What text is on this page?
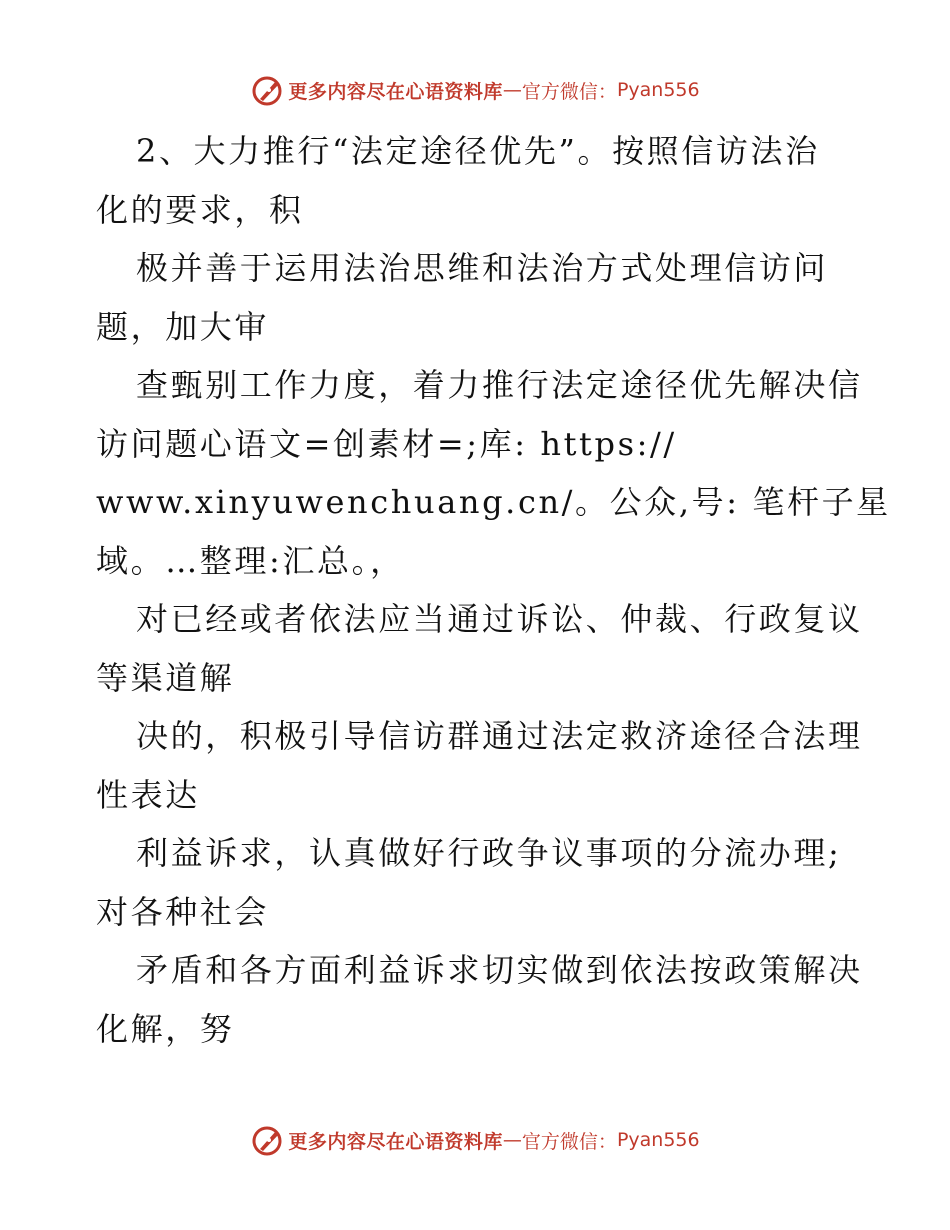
更多内容尽在心语资料库 — 官方微信： Pyan556
2、大力推行“法定途径优先”。按照信访法治
化的要求，积
极并善于运用法治思维和法治方式处理信访问
题，加大审
查甄别工作力度，着力推行法定途径优先解决信
访问题心语文=创素材=;库: https://
www.xinyuwenchuang.cn/。公众,号: 笔杆子星
域。…整理:汇总。，
对已经或者依法应当通过诉讼、仲裁、行政复议
等渠道解
决的，积极引导信访群通过法定救济途径合法理
性表达
利益诉求，认真做好行政争议事项的分流办理;
对各种社会
矛盾和各方面利益诉求切实做到依法按政策解决
化解，努
更多内容尽在心语资料库 — 官方微信： Pyan556
